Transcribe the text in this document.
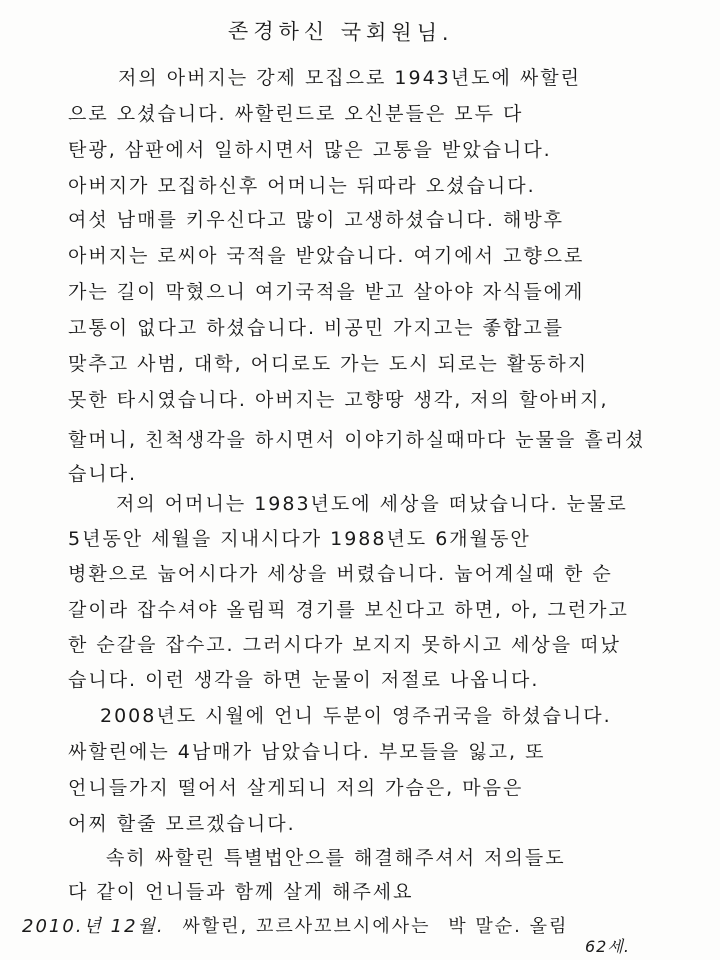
존경하신 국회원님.
저의 아버지는 강제 모집으로 1943년도에 싸할린
으로 오셨습니다. 싸할린드로 오신분들은 모두 다
탄광, 삼판에서 일하시면서 많은 고통을 받았습니다.
아버지가 모집하신후 어머니는 뒤따라 오셨습니다.
여섯 남매를 키우신다고 많이 고생하셨습니다. 해방후
아버지는 로씨아 국적을 받았습니다. 여기에서 고향으로
가는 길이 막혔으니 여기국적을 받고 살아야 자식들에게
고통이 없다고 하셨습니다. 비공민 가지고는 좋합고를
맞추고 사범, 대학, 어디로도 가는 도시 되로는 활동하지
못한 타시였습니다. 아버지는 고향땅 생각, 저의 할아버지,
할머니, 친척생각을 하시면서 이야기하실때마다 눈물을 흘리셨
습니다.
저의 어머니는 1983년도에 세상을 떠났습니다. 눈물로
5년동안 세월을 지내시다가 1988년도 6개월동안
병환으로 눕어시다가 세상을 버렸습니다. 눕어계실때 한 순
갈이라 잡수셔야 올림픽 경기를 보신다고 하면, 아, 그런가고
한 순갈을 잡수고. 그러시다가 보지지 못하시고 세상을 떠났
습니다. 이런 생각을 하면 눈물이 저절로 나옵니다.
2008년도 시월에 언니 두분이 영주귀국을 하셨습니다.
싸할린에는 4남매가 남았습니다. 부모들을 잃고, 또
언니들가지 떨어서 살게되니 저의 가슴은, 마음은
어찌 할줄 모르겠습니다.
속히 싸할린 특별법안으를 해결해주셔서 저의들도
다 같이 언니들과 함께 살게 해주세요
2010.년 12월. 싸할린, 꼬르사꼬브시에사는 박 말순. 올림
62세.
